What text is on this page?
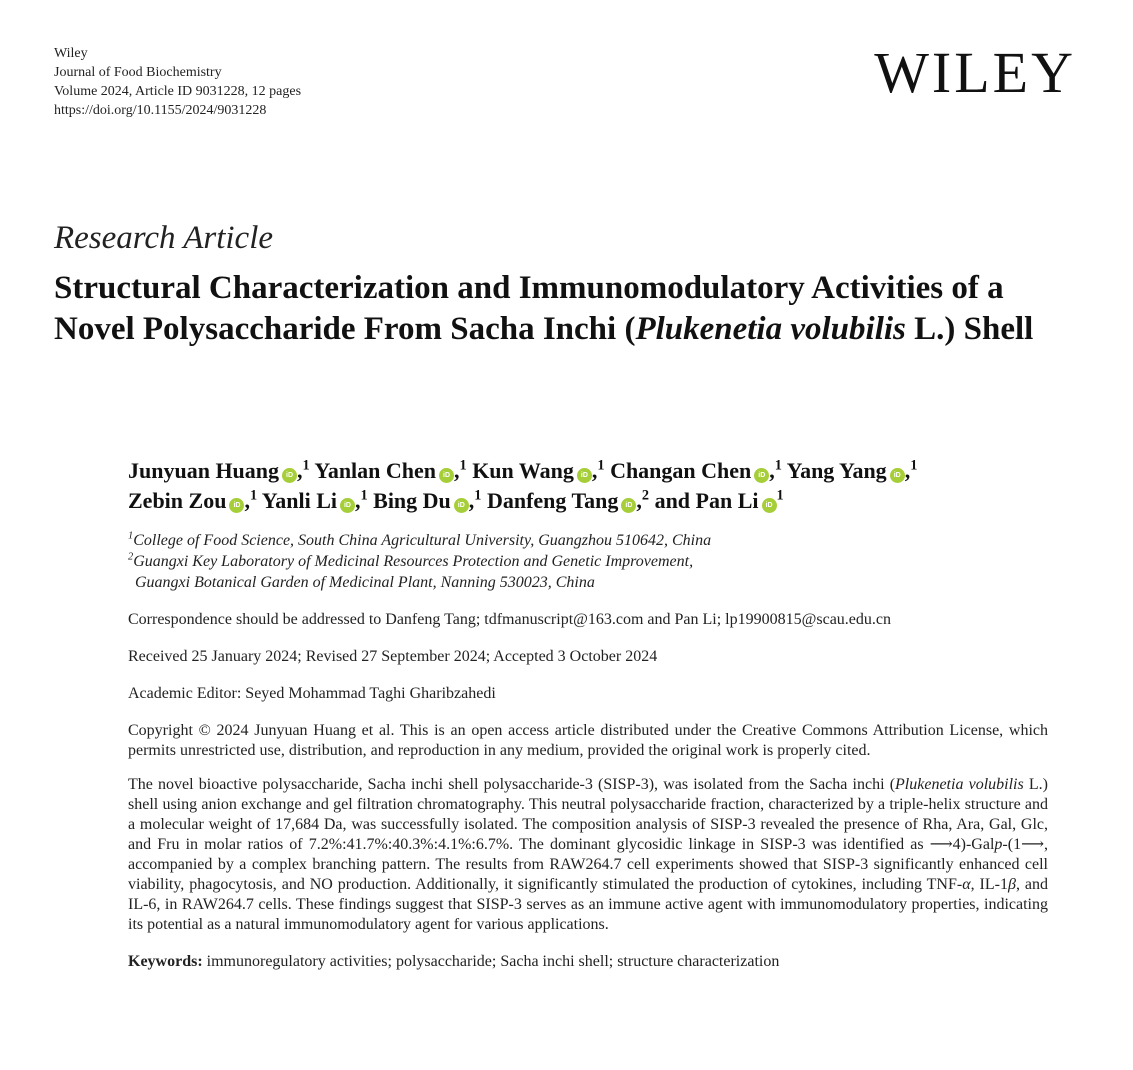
Wiley
Journal of Food Biochemistry
Volume 2024, Article ID 9031228, 12 pages
https://doi.org/10.1155/2024/9031228
WILEY
Research Article
Structural Characterization and Immunomodulatory Activities of a Novel Polysaccharide From Sacha Inchi (Plukenetia volubilis L.) Shell
Junyuan Huang iD ,$^1$ Yanlan Chen iD ,$^1$ Kun Wang iD ,$^1$ Changan Chen iD ,$^1$ Yang Yang iD ,$^1$
Zebin Zou iD ,$^1$ Yanli Li iD ,$^1$ Bing Du iD ,$^1$ Danfeng Tang iD ,$^2$ and Pan Li $iD^1$
$^1$College of Food Science, South China Agricultural University, Guangzhou 510642, China
$^2$Guangxi Key Laboratory of Medicinal Resources Protection and Genetic Improvement,
Guangxi Botanical Garden of Medicinal Plant, Nanning 530023, China
Correspondence should be addressed to Danfeng Tang; tdfmanuscript@163.com and Pan Li; lp19900815@scau.edu.cn
Received 25 January 2024; Revised 27 September 2024; Accepted 3 October 2024
Academic Editor: Seyed Mohammad Taghi Gharibzahedi
Copyright © 2024 Junyuan Huang et al. This is an open access article distributed under the Creative Commons Attribution License, which permits unrestricted use, distribution, and reproduction in any medium, provided the original work is properly cited.
The novel bioactive polysaccharide, Sacha inchi shell polysaccharide-3 (SISP-3), was isolated from the Sacha inchi (Plukenetia volubilis L.) shell using anion exchange and gel filtration chromatography. This neutral polysaccharide fraction, characterized by a triple-helix structure and a molecular weight of 17,684 Da, was successfully isolated. The composition analysis of SISP-3 revealed the presence of Rha, Ara, Gal, Glc, and Fru in molar ratios of 7.2%:41.7%:40.3%:4.1%:6.7%. The dominant glycosidic linkage in SISP-3 was identified as ⟶4)-Galp-(1⟶, accompanied by a complex branching pattern. The results from RAW264.7 cell experiments showed that SISP-3 significantly enhanced cell viability, phagocytosis, and NO production. Additionally, it significantly stimulated the production of cytokines, including TNF-α, IL-1β, and IL-6, in RAW264.7 cells. These findings suggest that SISP-3 serves as an immune active agent with immunomodulatory properties, indicating its potential as a natural immunomodulatory agent for various applications.
Keywords: immunoregulatory activities; polysaccharide; Sacha inchi shell; structure characterization
